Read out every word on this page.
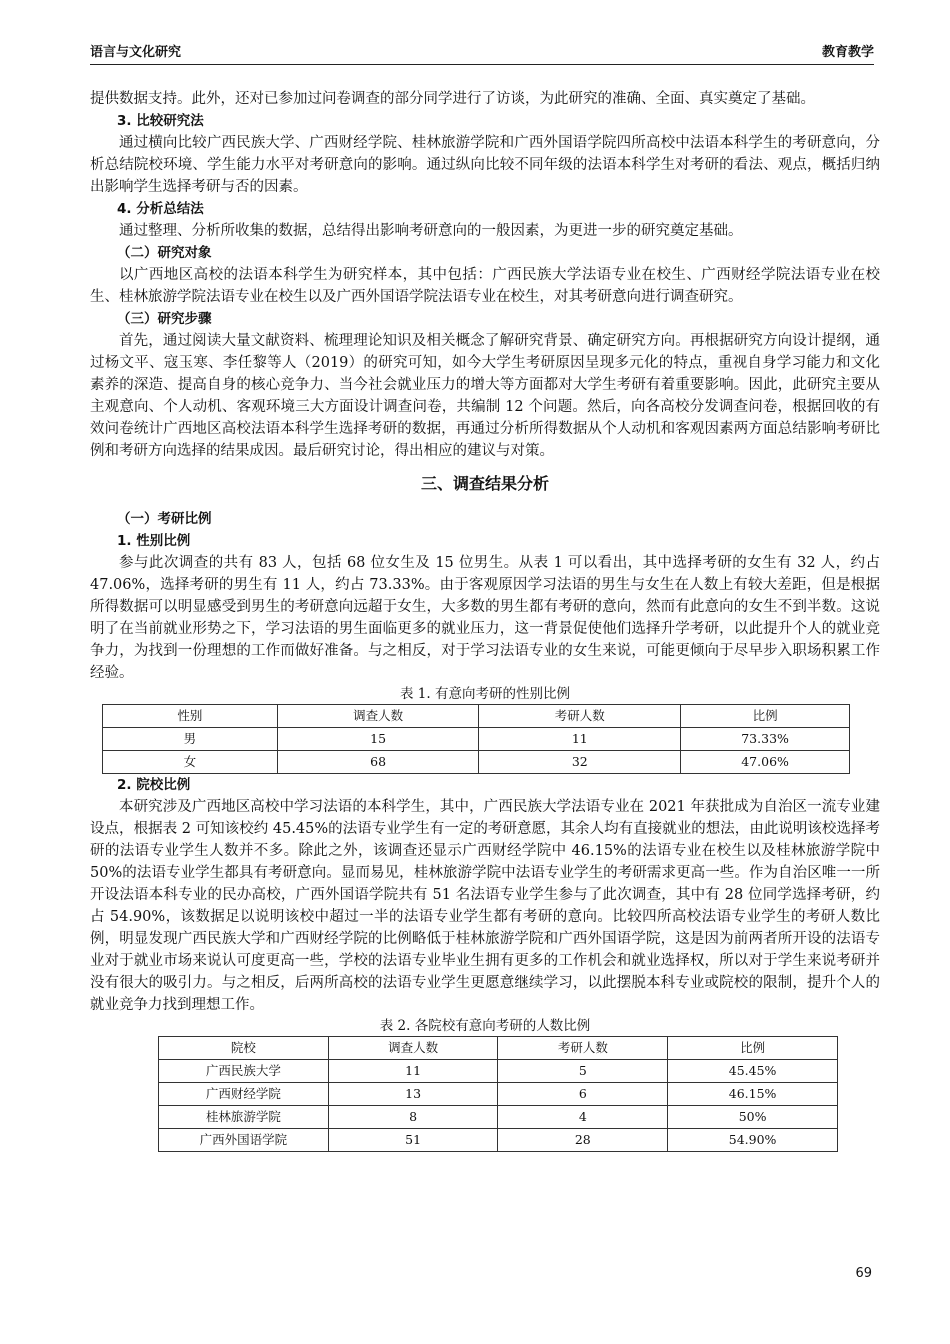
语言与文化研究	教育教学

提供数据支持。此外，还对已参加过问卷调查的部分同学进行了访谈，为此研究的准确、全面、真实奠定了基础。

3. 比较研究法

通过横向比较广西民族大学、广西财经学院、桂林旅游学院和广西外国语学院四所高校中法语本科学生的考研意向，分析总结院校环境、学生能力水平对考研意向的影响。通过纵向比较不同年级的法语本科学生对考研的看法、观点，概括归纳出影响学生选择考研与否的因素。

4. 分析总结法

通过整理、分析所收集的数据，总结得出影响考研意向的一般因素，为更进一步的研究奠定基础。

（二）研究对象

以广西地区高校的法语本科学生为研究样本，其中包括：广西民族大学法语专业在校生、广西财经学院法语专业在校生、桂林旅游学院法语专业在校生以及广西外国语学院法语专业在校生，对其考研意向进行调查研究。

（三）研究步骤

首先，通过阅读大量文献资料、梳理理论知识及相关概念了解研究背景、确定研究方向。再根据研究方向设计提纲，通过杨文平、寇玉寒、李任黎等人（2019）的研究可知，如今大学生考研原因呈现多元化的特点，重视自身学习能力和文化素养的深造、提高自身的核心竞争力、当今社会就业压力的增大等方面都对大学生考研有着重要影响。因此，此研究主要从主观意向、个人动机、客观环境三大方面设计调查问卷，共编制 12 个问题。然后，向各高校分发调查问卷，根据回收的有效问卷统计广西地区高校法语本科学生选择考研的数据，再通过分析所得数据从个人动机和客观因素两方面总结影响考研比例和考研方向选择的结果成因。最后研究讨论，得出相应的建议与对策。

三、调查结果分析
（一）考研比例
1. 性别比例

参与此次调查的共有 83 人，包括 68 位女生及 15 位男生。从表 1 可以看出，其中选择考研的女生有 32 人，约占 47.06%，选择考研的男生有 11 人，约占 73.33%。由于客观原因学习法语的男生与女生在人数上有较大差距，但是根据所得数据可以明显感受到男生的考研意向远超于女生，大多数的男生都有考研的意向，然而有此意向的女生不到半数。这说明了在当前就业形势之下，学习法语的男生面临更多的就业压力，这一背景促使他们选择升学考研，以此提升个人的就业竞争力，为找到一份理想的工作而做好准备。与之相反，对于学习法语专业的女生来说，可能更倾向于尽早步入职场积累工作经验。

表 1. 有意向考研的性别比例
性别	调查人数	考研人数	比例
男	15	11	73.33%
女	68	32	47.06%
2. 院校比例

本研究涉及广西地区高校中学习法语的本科学生，其中，广西民族大学法语专业在 2021 年获批成为自治区一流专业建设点，根据表 2 可知该校约 45.45%的法语专业学生有一定的考研意愿，其余人均有直接就业的想法，由此说明该校选择考研的法语专业学生人数并不多。除此之外，该调查还显示广西财经学院中 46.15%的法语专业在校生以及桂林旅游学院中 50%的法语专业学生都具有考研意向。显而易见，桂林旅游学院中法语专业学生的考研需求更高一些。作为自治区唯一一所开设法语本科专业的民办高校，广西外国语学院共有 51 名法语专业学生参与了此次调查，其中有 28 位同学选择考研，约占 54.90%，该数据足以说明该校中超过一半的法语专业学生都有考研的意向。比较四所高校法语专业学生的考研人数比例，明显发现广西民族大学和广西财经学院的比例略低于桂林旅游学院和广西外国语学院，这是因为前两者所开设的法语专业对于就业市场来说认可度更高一些，学校的法语专业毕业生拥有更多的工作机会和就业选择权，所以对于学生来说考研并没有很大的吸引力。与之相反，后两所高校的法语专业学生更愿意继续学习，以此摆脱本科专业或院校的限制，提升个人的就业竞争力找到理想工作。

表 2. 各院校有意向考研的人数比例
院校	调查人数	考研人数	比例
广西民族大学	11	5	45.45%
广西财经学院	13	6	46.15%
桂林旅游学院	8	4	50%
广西外国语学院	51	28	54.90%
69
